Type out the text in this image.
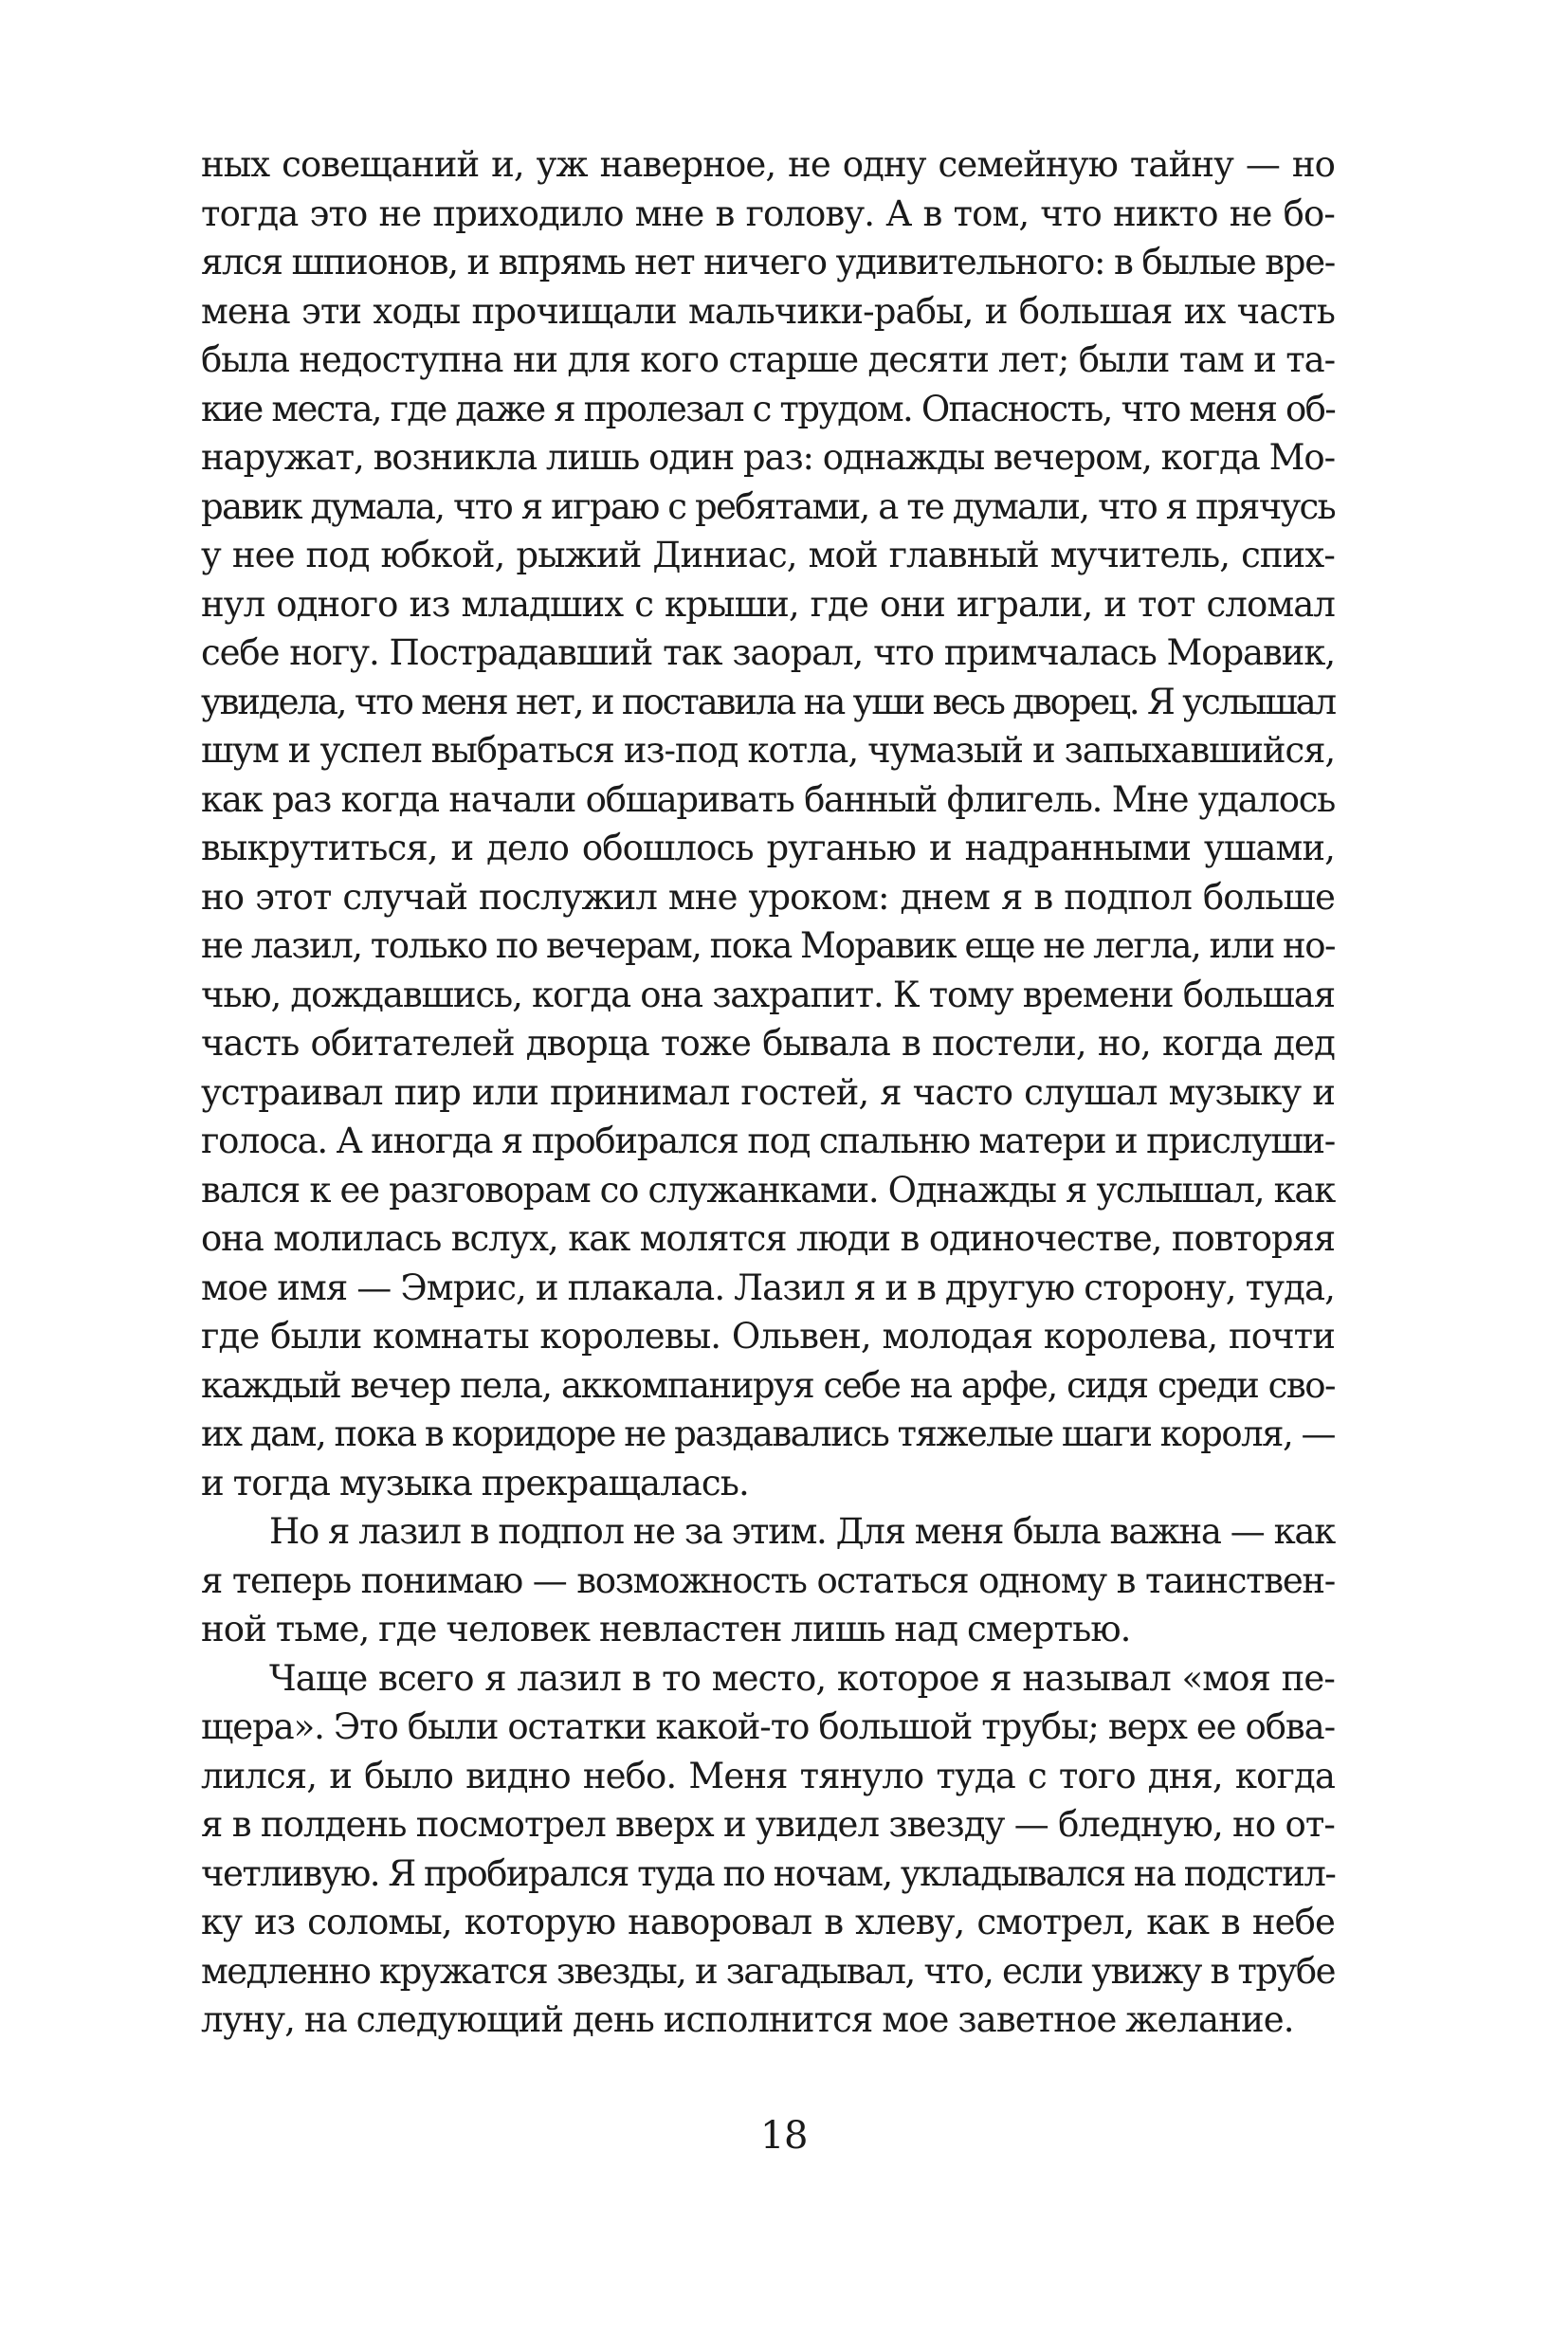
ных совещаний и, уж наверное, не одну семейную тайну — но
тогда это не приходило мне в голову. А в том, что никто не бо-
ялся шпионов, и впрямь нет ничего удивительного: в былые вре-
мена эти ходы прочищали мальчики-рабы, и большая их часть
была недоступна ни для кого старше десяти лет; были там и та-
кие места, где даже я пролезал с трудом. Опасность, что меня об-
наружат, возникла лишь один раз: однажды вечером, когда Мо-
равик думала, что я играю с ребятами, а те думали, что я прячусь
у нее под юбкой, рыжий Диниас, мой главный мучитель, спих-
нул одного из младших с крыши, где они играли, и тот сломал
себе ногу. Пострадавший так заорал, что примчалась Моравик,
увидела, что меня нет, и поставила на уши весь дворец. Я услышал
шум и успел выбраться из-под котла, чумазый и запыхавшийся,
как раз когда начали обшаривать банный флигель. Мне удалось
выкрутиться, и дело обошлось руганью и надранными ушами,
но этот случай послужил мне уроком: днем я в подпол больше
не лазил, только по вечерам, пока Моравик еще не легла, или но-
чью, дождавшись, когда она захрапит. К тому времени большая
часть обитателей дворца тоже бывала в постели, но, когда дед
устраивал пир или принимал гостей, я часто слушал музыку и
голоса. А иногда я пробирался под спальню матери и прислуши-
вался к ее разговорам со служанками. Однажды я услышал, как
она молилась вслух, как молятся люди в одиночестве, повторяя
мое имя — Эмрис, и плакала. Лазил я и в другую сторону, туда,
где были комнаты королевы. Ольвен, молодая королева, почти
каждый вечер пела, аккомпанируя себе на арфе, сидя среди сво-
их дам, пока в коридоре не раздавались тяжелые шаги короля, —
и тогда музыка прекращалась.

Но я лазил в подпол не за этим. Для меня была важна — как
я теперь понимаю — возможность остаться одному в таинствен-
ной тьме, где человек невластен лишь над смертью.

Чаще всего я лазил в то место, которое я называл «моя пе-
щера». Это были остатки какой-то большой трубы; верх ее обва-
лился, и было видно небо. Меня тянуло туда с того дня, когда
я в полдень посмотрел вверх и увидел звезду — бледную, но от-
четливую. Я пробирался туда по ночам, укладывался на подстил-
ку из соломы, которую наворовал в хлеву, смотрел, как в небе
медленно кружатся звезды, и загадывал, что, если увижу в трубе
луну, на следующий день исполнится мое заветное желание.

18
